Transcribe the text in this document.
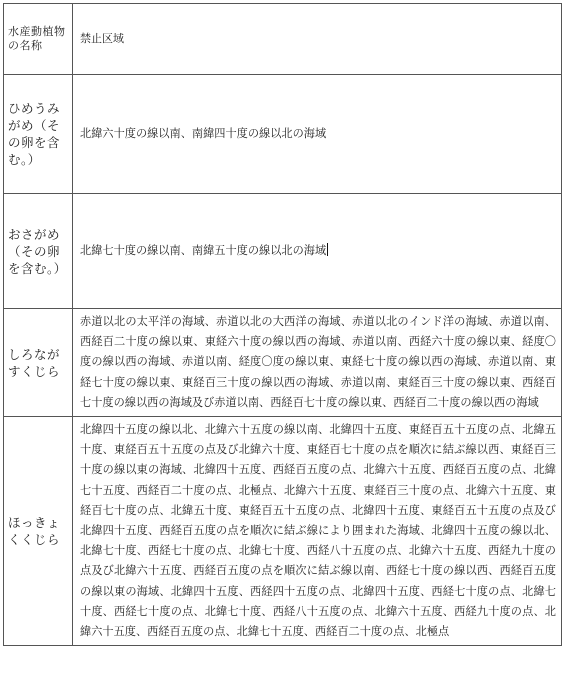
水産動植物の名称	禁止区域
ひめうみがめ（その卵を含む。）	北緯六十度の線以南、南緯四十度の線以北の海域
おさがめ（その卵を含む。）	北緯七十度の線以南、南緯五十度の線以北の海域
しろながすくじら	赤道以北の太平洋の海域、赤道以北の大西洋の海域、赤道以北のインド洋の海域、赤道以南、西経百二十度の線以東、東経六十度の線以西の海域、赤道以南、西経六十度の線以東、経度〇度の線以西の海域、赤道以南、経度〇度の線以東、東経七十度の線以西の海域、赤道以南、東経七十度の線以東、東経百三十度の線以西の海域、赤道以南、東経百三十度の線以東、西経百七十度の線以西の海域及び赤道以南、西経百七十度の線以東、西経百二十度の線以西の海域
ほっきょくくじら	北緯四十五度の線以北、北緯六十五度の線以南、北緯四十五度、東経百五十五度の点、北緯五十度、東経百五十五度の点及び北緯六十度、東経百七十度の点を順次に結ぶ線以西、東経百三十度の線以東の海域、北緯四十五度、西経百五度の点、北緯六十五度、西経百五度の点、北緯七十五度、西経百二十度の点、北極点、北緯六十五度、東経百三十度の点、北緯六十五度、東経百七十度の点、北緯五十度、東経百五十五度の点、北緯四十五度、東経百五十五度の点及び北緯四十五度、西経百五度の点を順次に結ぶ線により囲まれた海域、北緯四十五度の線以北、北緯七十度、西経七十度の点、北緯七十度、西経八十五度の点、北緯六十五度、西経九十度の点及び北緯六十五度、西経百五度の点を順次に結ぶ線以南、西経七十度の線以西、西経百五度の線以東の海域、北緯四十五度、西経四十五度の点、北緯四十五度、西経七十度の点、北緯七十度、西経七十度の点、北緯七十度、西経八十五度の点、北緯六十五度、西経九十度の点、北緯六十五度、西経百五度の点、北緯七十五度、西経百二十度の点、北極点
